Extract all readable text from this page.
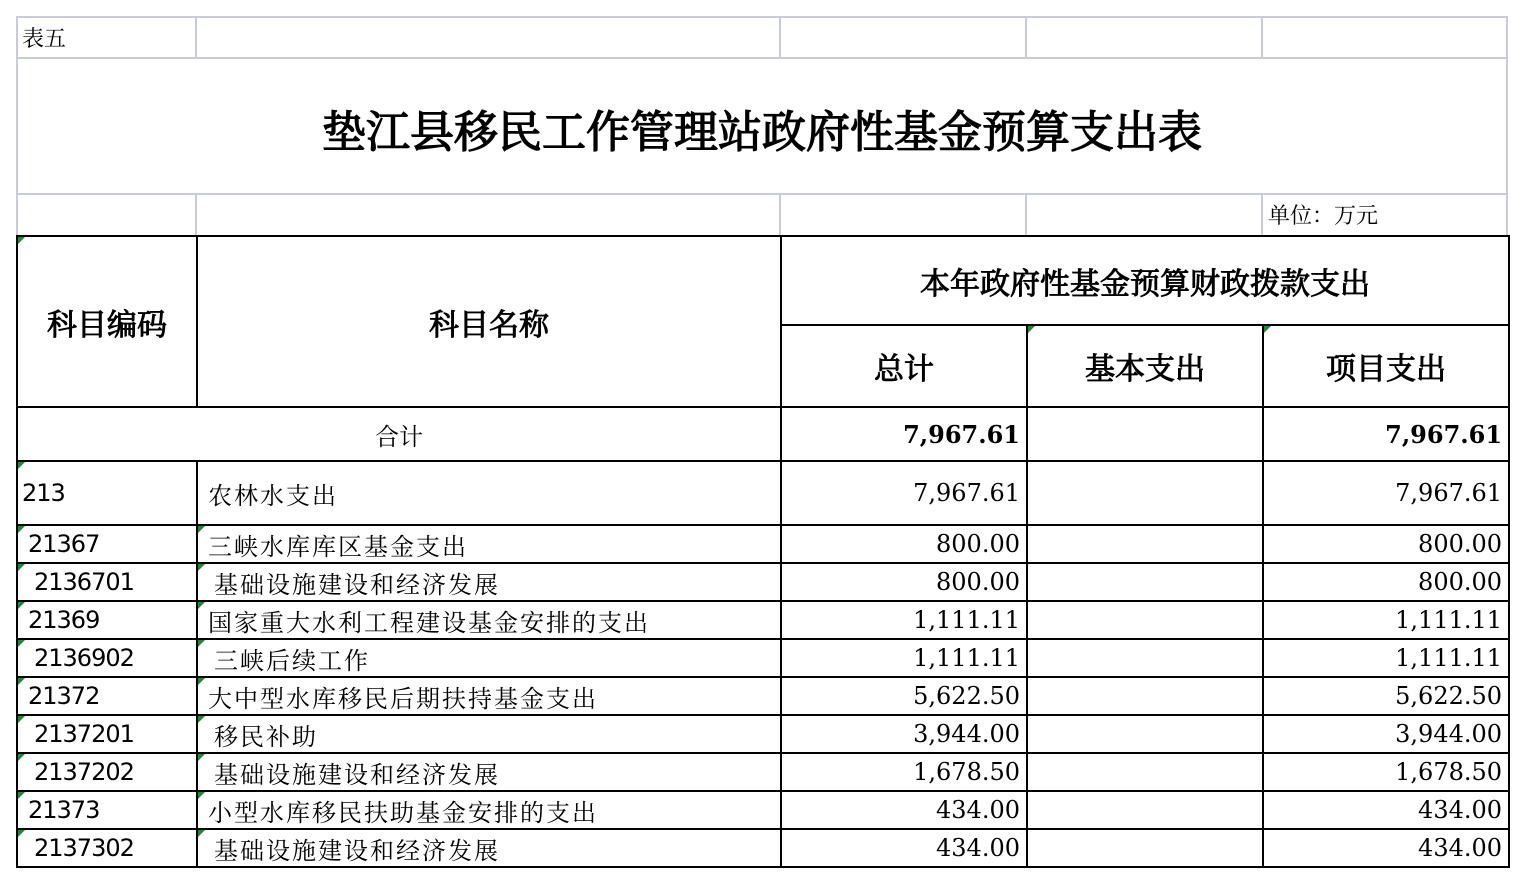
表五
垫江县移民工作管理站政府性基金预算支出表
单位：万元
科目编码	科目名称	本年政府性基金预算财政拨款支出		
		总计	基本支出	项目支出
合计		7,967.61		7,967.61
213	农林水支出	7,967.61		7,967.61
21367	三峡水库库区基金支出	800.00		800.00
2136701	基础设施建设和经济发展	800.00		800.00
21369	国家重大水利工程建设基金安排的支出	1,111.11		1,111.11
2136902	三峡后续工作	1,111.11		1,111.11
21372	大中型水库移民后期扶持基金支出	5,622.50		5,622.50
2137201	移民补助	3,944.00		3,944.00
2137202	基础设施建设和经济发展	1,678.50		1,678.50
21373	小型水库移民扶助基金安排的支出	434.00		434.00
2137302	基础设施建设和经济发展	434.00		434.00
